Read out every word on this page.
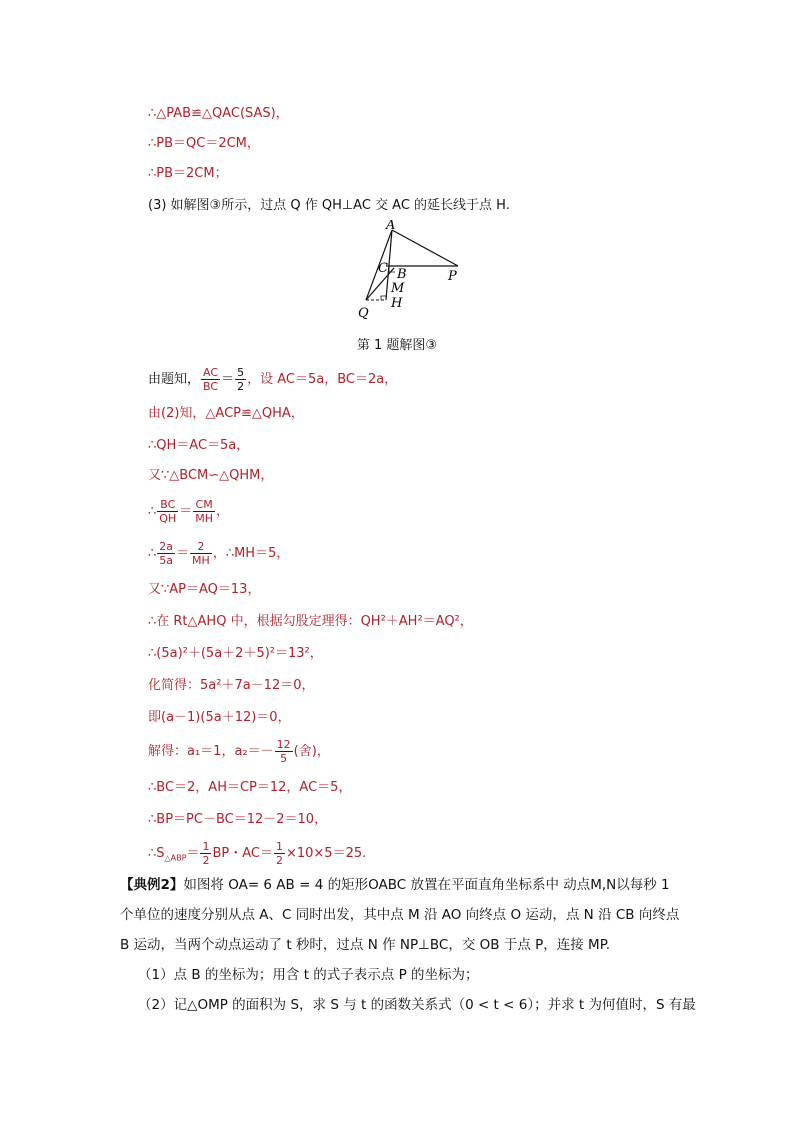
∴△PAB≌△QAC(SAS)，
∴PB＝QC＝2CM，
∴PB＝2CM；
(3) 如解图③所示，过点 Q 作 QH⊥AC 交 AC 的延长线于点 H.
A
C B
M
H
P
Q
第 1 题解图③
由题知， $\frac{AC}{BC} = \frac{5}{2}$ ，设 AC＝5a，BC＝2a，
由(2)知，△ACP≌△QHA，
∴QH＝AC＝5a，
又∵△BCM∽△QHM，
∴ $\frac{BC}{QH} = \frac{CM}{MH}$ ，
∴ $\frac{2a}{5a} = \frac{2}{MH}$ ，∴MH＝5，
又∵AP＝AQ＝13，
∴在 Rt△AHQ 中，根据勾股定理得：QH²＋AH²＝AQ²，
∴(5a)²＋(5a＋2＋5)²＝13²，
化简得：5a²＋7a－12＝0，
即(a－1)(5a＋12)＝0，
解得：a₁＝1，$a_2=- \frac{12}{5}$ (舍)，
∴BC＝2，AH＝CP＝12，AC＝5，
∴BP＝PC－BC＝12－2＝10，
$\therefore S_{\triangle ABP}= \frac{1}{2}$ BP・$AC= \frac{1}{2} \times 10\times 5=25$.
【典例2】如图将 OA= 6 AB = 4 的矩形OABC 放置在平面直角坐标系中 动点M,N以每秒 1 个单位的速度分别从点 A、C 同时出发，其中点 M 沿 AO 向终点 O 运动，点 N 沿 CB 向终点 B 运动，当两个动点运动了 t 秒时，过点 N 作 NP⊥BC，交 OB 于点 P，连接 MP.
（1）点 B 的坐标为；用含 t 的式子表示点 P 的坐标为；
（2）记△OMP 的面积为 S，求 S 与 t 的函数关系式（0 < t < 6）；并求 t 为何值时，S 有最
